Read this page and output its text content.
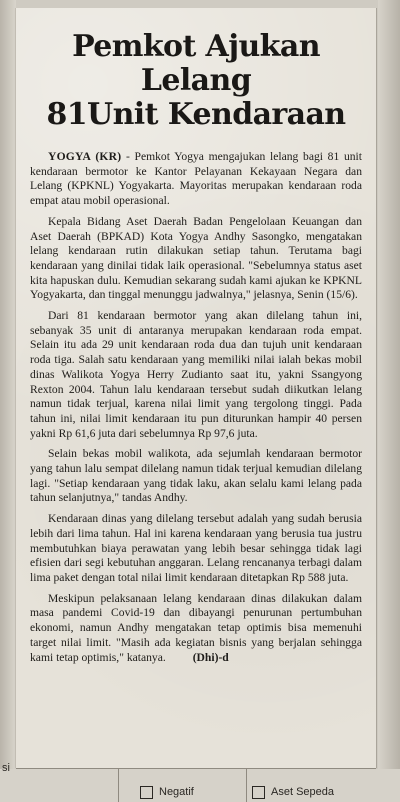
Pemkot Ajukan Lelang
81Unit Kendaraan

YOGYA (KR) - Pemkot Yogya mengajukan lelang bagi 81 unit kendaraan bermotor ke Kantor Pelayanan Kekayaan Negara dan Lelang (KPKNL) Yogyakarta. Mayoritas merupakan kendaraan roda empat atau mobil operasional.

Kepala Bidang Aset Daerah Badan Pengelolaan Keuangan dan Aset Daerah (BPKAD) Kota Yogya Andhy Sasongko, mengatakan lelang kendaraan rutin dilakukan setiap tahun. Terutama bagi kendaraan yang dinilai tidak laik operasional. "Sebelumnya status aset kita hapuskan dulu. Kemudian sekarang sudah kami ajukan ke KPKNL Yogyakarta, dan tinggal menunggu jadwalnya," jelasnya, Senin (15/6).

Dari 81 kendaraan bermotor yang akan dilelang tahun ini, sebanyak 35 unit di antaranya merupakan kendaraan roda empat. Selain itu ada 29 unit kendaraan roda dua dan tujuh unit kendaraan roda tiga. Salah satu kendaraan yang memiliki nilai ialah bekas mobil dinas Walikota Yogya Herry Zudianto saat itu, yakni Ssangyong Rexton 2004. Tahun lalu kendaraan tersebut sudah diikutkan lelang namun tidak terjual, karena nilai limit yang tergolong tinggi. Pada tahun ini, nilai limit kendaraan itu pun diturunkan hampir 40 persen yakni Rp 61,6 juta dari sebelumnya Rp 97,6 juta.

Selain bekas mobil walikota, ada sejumlah kendaraan bermotor yang tahun lalu sempat dilelang namun tidak terjual kemudian dilelang lagi. "Setiap kendaraan yang tidak laku, akan selalu kami lelang pada tahun selanjutnya," tandas Andhy.

Kendaraan dinas yang dilelang tersebut adalah yang sudah berusia lebih dari lima tahun. Hal ini karena kendaraan yang berusia tua justru membutuhkan biaya perawatan yang lebih besar sehingga tidak lagi efisien dari segi kebutuhan anggaran. Lelang rencananya terbagi dalam lima paket dengan total nilai limit kendaraan ditetapkan Rp 588 juta.

Meskipun pelaksanaan lelang kendaraan dinas dilakukan dalam masa pandemi Covid-19 dan dibayangi penurunan pertumbuhan ekonomi, namun Andhy mengatakan tetap optimis bisa memenuhi target nilai limit. "Masih ada kegiatan bisnis yang berjalan sehingga kami tetap optimis," katanya. (Dhi)-d

si
Negatif	Aset Sepeda
